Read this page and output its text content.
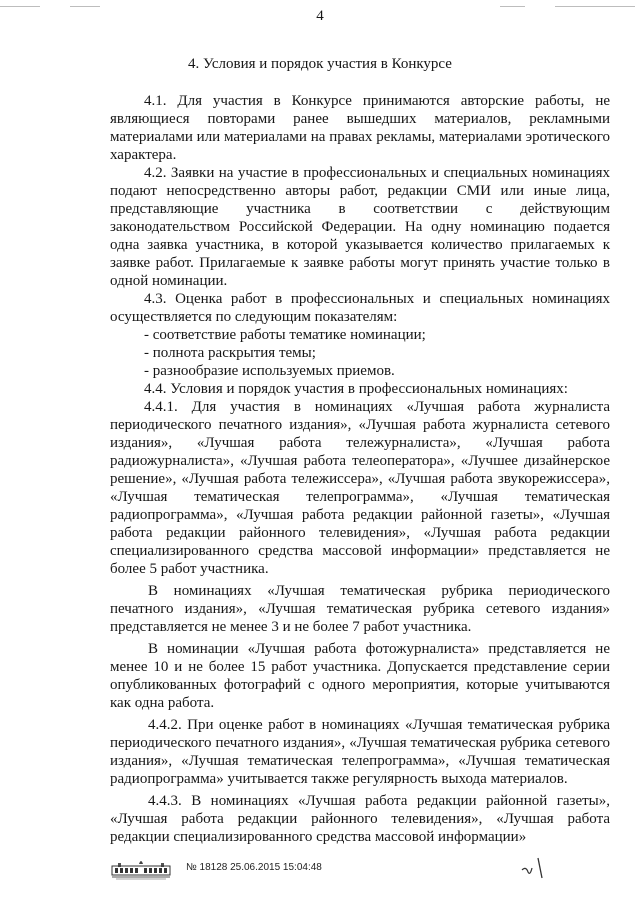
4
4. Условия и порядок участия в Конкурсе

4.1. Для участия в Конкурсе принимаются авторские работы, не являющиеся повторами ранее вышедших материалов, рекламными материалами или материалами на правах рекламы, материалами эротического характера.

4.2. Заявки на участие в профессиональных и специальных номинациях подают непосредственно авторы работ, редакции СМИ или иные лица, представляющие участника в соответствии с действующим законодательством Российской Федерации. На одну номинацию подается одна заявка участника, в которой указывается количество прилагаемых к заявке работ. Прилагаемые к заявке работы могут принять участие только в одной номинации.

4.3. Оценка работ в профессиональных и специальных номинациях осуществляется по следующим показателям:

- соответствие работы тематике номинации;

- полнота раскрытия темы;

- разнообразие используемых приемов.

4.4. Условия и порядок участия в профессиональных номинациях:

4.4.1. Для участия в номинациях «Лучшая работа журналиста периодического печатного издания», «Лучшая работа журналиста сетевого издания», «Лучшая работа тележурналиста», «Лучшая работа радиожурналиста», «Лучшая работа телеоператора», «Лучшее дизайнерское решение», «Лучшая работа тележиссера», «Лучшая работа звукорежиссера», «Лучшая тематическая телепрограмма», «Лучшая тематическая радиопрограмма», «Лучшая работа редакции районной газеты», «Лучшая работа редакции районного телевидения», «Лучшая работа редакции специализированного средства массовой информации» представляется не более 5 работ участника.

В номинациях «Лучшая тематическая рубрика периодического печатного издания», «Лучшая тематическая рубрика сетевого издания» представляется не менее 3 и не более 7 работ участника.

В номинации «Лучшая работа фотожурналиста» представляется не менее 10 и не более 15 работ участника. Допускается представление серии опубликованных фотографий с одного мероприятия, которые учитываются как одна работа.

4.4.2. При оценке работ в номинациях «Лучшая тематическая рубрика периодического печатного издания», «Лучшая тематическая рубрика сетевого издания», «Лучшая тематическая телепрограмма», «Лучшая тематическая радиопрограмма» учитывается также регулярность выхода материалов.

4.4.3. В номинациях «Лучшая работа редакции районной газеты», «Лучшая работа редакции районного телевидения», «Лучшая работа редакции специализированного средства массовой информации»

№ 18128 25.06.2015 15:04:48
